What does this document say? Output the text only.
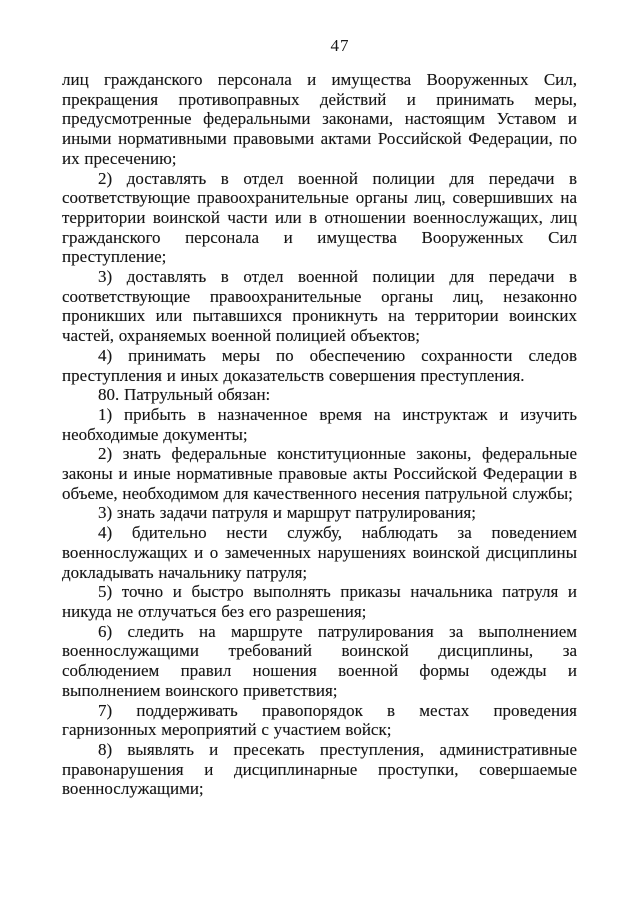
47

лиц гражданского персонала и имущества Вооруженных Сил, прекращения противоправных действий и принимать меры, предусмотренные федеральными законами, настоящим Уставом и иными нормативными правовыми актами Российской Федерации, по их пресечению;

2) доставлять в отдел военной полиции для передачи в соответствующие правоохранительные органы лиц, совершивших на территории воинской части или в отношении военнослужащих, лиц гражданского персонала и имущества Вооруженных Сил преступление;

3) доставлять в отдел военной полиции для передачи в соответствующие правоохранительные органы лиц, незаконно проникших или пытавшихся проникнуть на территории воинских частей, охраняемых военной полицией объектов;

4) принимать меры по обеспечению сохранности следов преступления и иных доказательств совершения преступления.

80. Патрульный обязан:

1) прибыть в назначенное время на инструктаж и изучить необходимые документы;

2) знать федеральные конституционные законы, федеральные законы и иные нормативные правовые акты Российской Федерации в объеме, необходимом для качественного несения патрульной службы;

3) знать задачи патруля и маршрут патрулирования;

4) бдительно нести службу, наблюдать за поведением военнослужащих и о замеченных нарушениях воинской дисциплины докладывать начальнику патруля;

5) точно и быстро выполнять приказы начальника патруля и никуда не отлучаться без его разрешения;

6) следить на маршруте патрулирования за выполнением военнослужащими требований воинской дисциплины, за соблюдением правил ношения военной формы одежды и выполнением воинского приветствия;

7) поддерживать правопорядок в местах проведения гарнизонных мероприятий с участием войск;

8) выявлять и пресекать преступления, административные правонарушения и дисциплинарные проступки, совершаемые военнослужащими;
